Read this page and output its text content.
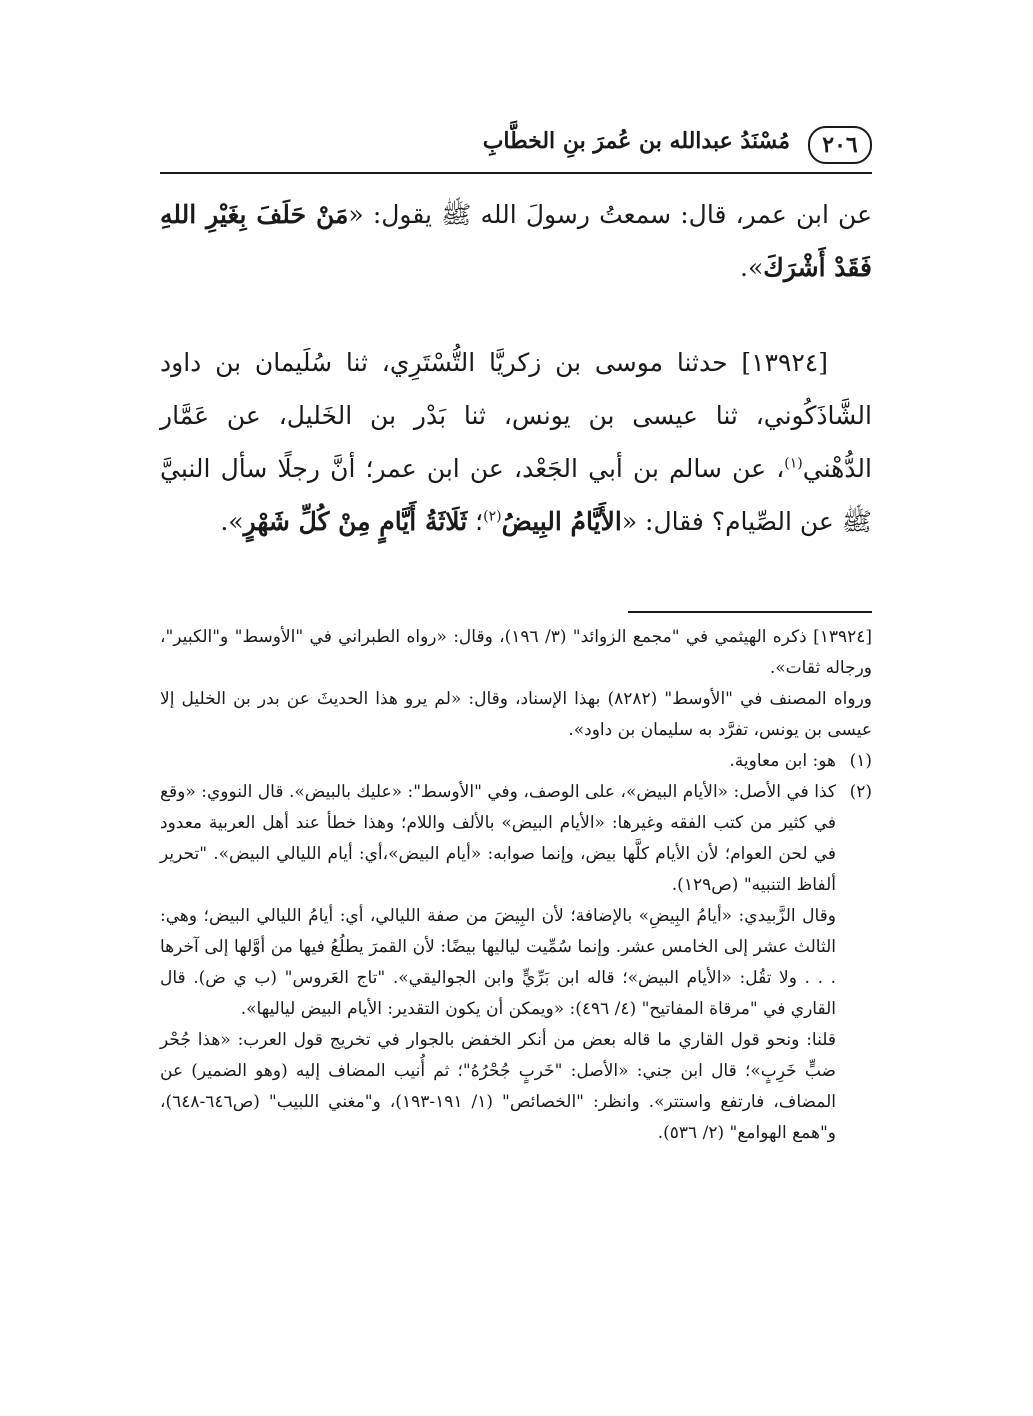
٢٠٦
مُسْنَدُ عبدالله بن عُمرَ بنِ الخطَّابِ

عن ابن عمر، قال: سمعتُ رسولَ الله ﷺ يقول: «مَنْ حَلَفَ بِغَيْرِ اللهِ فَقَدْ أَشْرَكَ».

[١٣٩٢٤] حدثنا موسى بن زكريَّا التُّسْتَرِي، ثنا سُلَيمان بن داود الشَّاذَكُوني، ثنا عيسى بن يونس، ثنا بَدْر بن الخَليل، عن عَمَّار الدُّهْني$^{(١)}$، عن سالم بن أبي الجَعْد، عن ابن عمر؛ أنَّ رجلًا سأل النبيَّ ﷺ عن الصِّيام؟ فقال: «الأَيَّامُ البِيضُ$^{(٢)}$؛ ثَلَاثَةُ أَيَّامٍ مِنْ كُلِّ شَهْرٍ».

[١٣٩٢٤] ذكره الهيثمي في "مجمع الزوائد" (٣/ ١٩٦)، وقال: «رواه الطبراني في "الأوسط" و"الكبير"، ورجاله ثقات».

ورواه المصنف في "الأوسط" (٨٢٨٢) بهذا الإسناد، وقال: «لم يرو هذا الحديثَ عن بدر بن الخليل إلا عيسى بن يونس، تفرَّد به سليمان بن داود».

(١)
هو: ابن معاوية.
(٢)
كذا في الأصل: «الأيام البيض»، على الوصف، وفي "الأوسط": «عليك بالبيض». قال النووي: «وقع في كثير من كتب الفقه وغيرها: «الأيام البيض» بالألف واللام؛ وهذا خطأ عند أهل العربية معدود في لحن العوام؛ لأن الأيام كلَّها بيض، وإنما صوابه: «أيام البيض»،أي: أيام الليالي البيض». "تحرير ألفاظ التنبيه" (ص١٢٩).

وقال الزَّبيدي: «أيامُ البِيضِ» بالإضافة؛ لأن البِيضَ من صفة الليالي، أي: أيامُ الليالي البيض؛ وهي: الثالث عشر إلى الخامس عشر. وإنما سُمِّيت لياليها بيضًا: لأن القمرَ يطلُعُ فيها من أوَّلها إلى آخرها . . . ولا تقُل: «الأيام البيض»؛ قاله ابن بَرِّيٍّ وابن الجواليقي». "تاج العَروس" (ب ي ض). قال القاري في "مرقاة المفاتيح" (٤/ ٤٩٦): «ويمكن أن يكون التقدير: الأيام البيض لياليها».

قلنا: ونحو قول القاري ما قاله بعض من أنكر الخفض بالجوار في تخريج قول العرب: «هذا جُحْر ضبٍّ خَرِبٍ»؛ قال ابن جني: «الأصل: "خَربٍ جُحْرُهُ"؛ ثم أُنيب المضاف إليه (وهو الضمير) عن المضاف، فارتفع واستتر». وانظر: "الخصائص" (١/ ١٩١-١٩٣)، و"مغني اللبيب" (ص٦٤٦-٦٤٨)، و"همع الهوامع" (٢/ ٥٣٦).
